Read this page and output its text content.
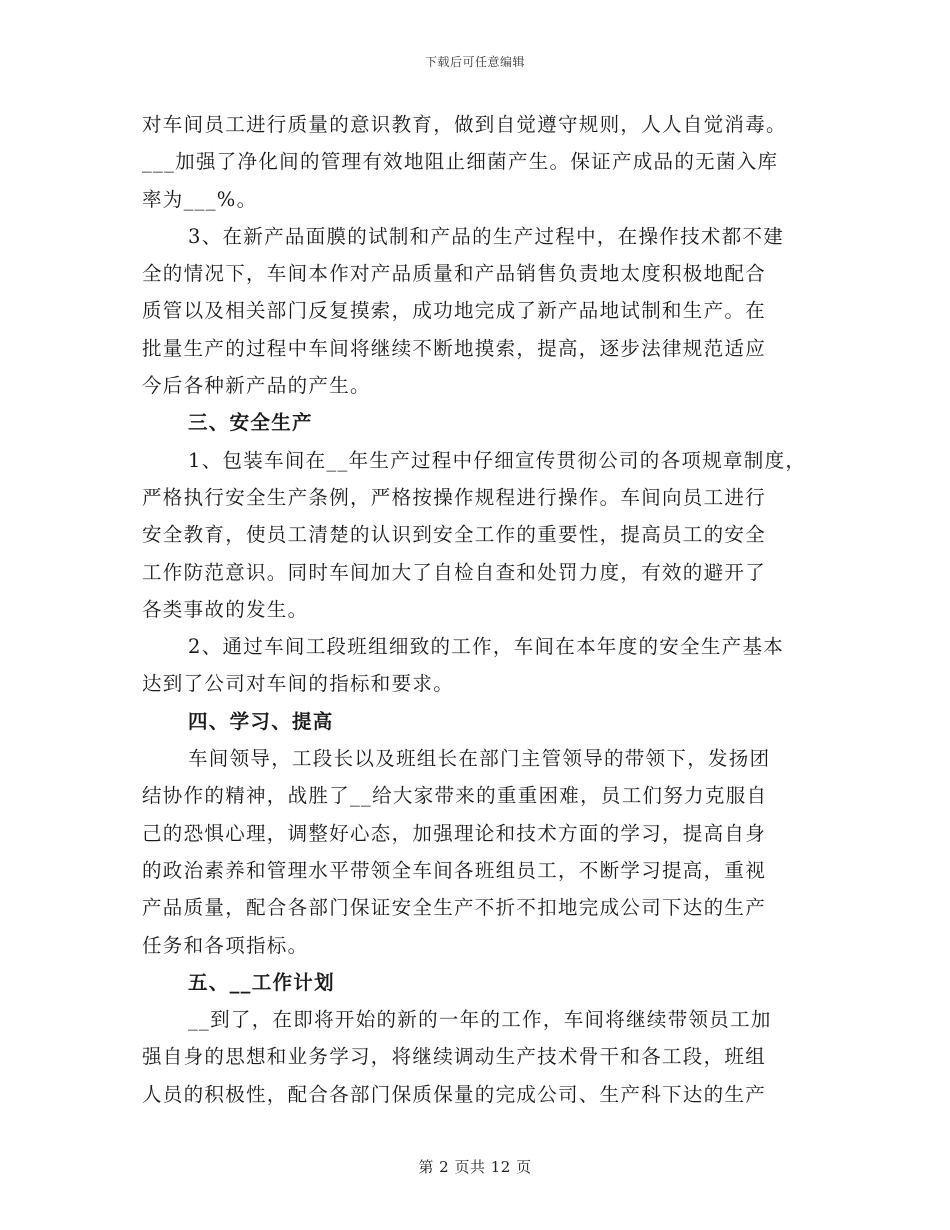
下载后可任意编辑
对车间员工进行质量的意识教育，做到自觉遵守规则，人人自觉消毒。
___加强了净化间的管理有效地阻止细菌产生。保证产成品的无菌入库
率为___%。
3、在新产品面膜的试制和产品的生产过程中，在操作技术都不建
全的情况下，车间本作对产品质量和产品销售负责地太度积极地配合
质管以及相关部门反复摸索，成功地完成了新产品地试制和生产。在
批量生产的过程中车间将继续不断地摸索，提高，逐步法律规范适应
今后各种新产品的产生。
三、安全生产
1、包装车间在__年生产过程中仔细宣传贯彻公司的各项规章制度，
严格执行安全生产条例，严格按操作规程进行操作。车间向员工进行
安全教育，使员工清楚的认识到安全工作的重要性，提高员工的安全
工作防范意识。同时车间加大了自检自查和处罚力度，有效的避开了
各类事故的发生。
2、通过车间工段班组细致的工作，车间在本年度的安全生产基本
达到了公司对车间的指标和要求。
四、学习、提高
车间领导，工段长以及班组长在部门主管领导的带领下，发扬团
结协作的精神，战胜了__给大家带来的重重困难，员工们努力克服自
己的恐惧心理，调整好心态，加强理论和技术方面的学习，提高自身
的政治素养和管理水平带领全车间各班组员工，不断学习提高，重视
产品质量，配合各部门保证安全生产不折不扣地完成公司下达的生产
任务和各项指标。
五、__工作计划
__到了，在即将开始的新的一年的工作，车间将继续带领员工加
强自身的思想和业务学习，将继续调动生产技术骨干和各工段，班组
人员的积极性，配合各部门保质保量的完成公司、生产科下达的生产
第 2 页共 12 页
